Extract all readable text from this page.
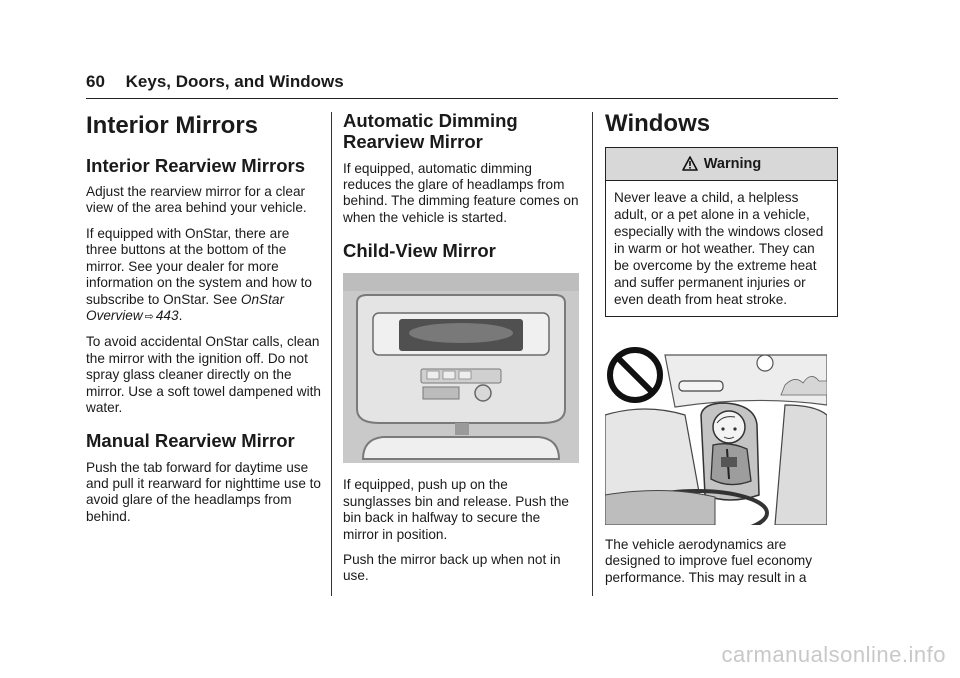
60 Keys, Doors, and Windows
Interior Mirrors
Interior Rearview Mirrors

Adjust the rearview mirror for a clear view of the area behind your vehicle.

If equipped with OnStar, there are three buttons at the bottom of the mirror. See your dealer for more information on the system and how to subscribe to OnStar. See OnStar Overview ⇨ 443.

To avoid accidental OnStar calls, clean the mirror with the ignition off. Do not spray glass cleaner directly on the mirror. Use a soft towel dampened with water.

Manual Rearview Mirror

Push the tab forward for daytime use and pull it rearward for nighttime use to avoid glare of the headlamps from behind.

Automatic Dimming Rearview Mirror

If equipped, automatic dimming reduces the glare of headlamps from behind. The dimming feature comes on when the vehicle is started.

Child-View Mirror

If equipped, push up on the sunglasses bin and release. Push the bin back in halfway to secure the mirror in position.

Push the mirror back up when not in use.

Windows
Warning
Never leave a child, a helpless adult, or a pet alone in a vehicle, especially with the windows closed in warm or hot weather. They can be overcome by the extreme heat and suffer permanent injuries or even death from heat stroke.

The vehicle aerodynamics are designed to improve fuel economy performance. This may result in a

carmanualsonline.info
